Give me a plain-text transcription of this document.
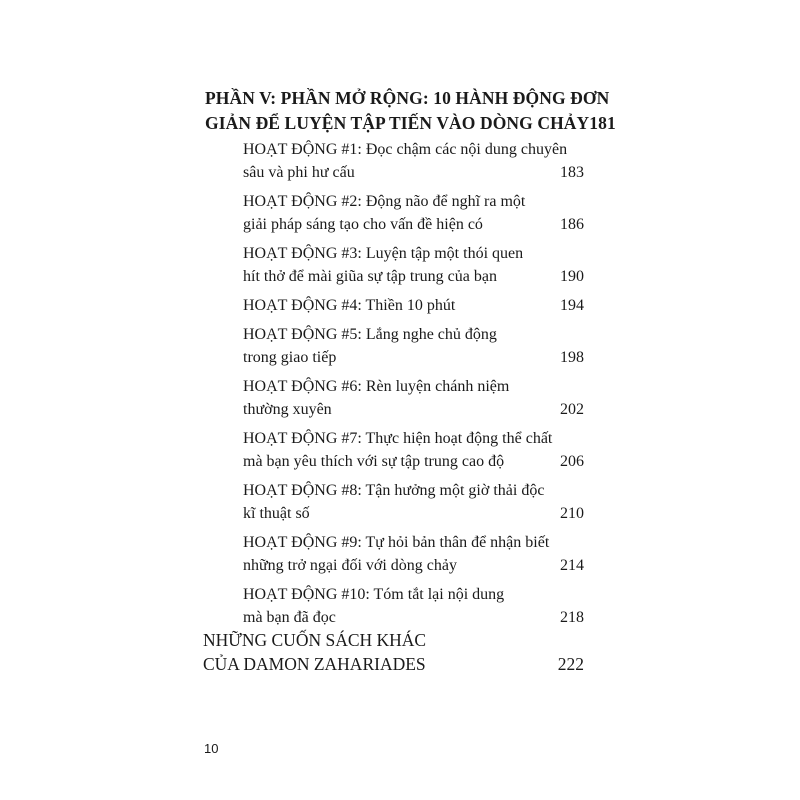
PHẦN V: PHẦN MỞ RỘNG: 10 HÀNH ĐỘNG ĐƠN
GIẢN ĐỂ LUYỆN TẬP TIẾN VÀO DÒNG CHẢY 181
HOẠT ĐỘNG #1: Đọc chậm các nội dung chuyên
sâu và phi hư cấu	183
HOẠT ĐỘNG #2: Động não để nghĩ ra một
giải pháp sáng tạo cho vấn đề hiện có	186
HOẠT ĐỘNG #3: Luyện tập một thói quen
hít thở để mài giũa sự tập trung của bạn	190
HOẠT ĐỘNG #4: Thiền 10 phút	194
HOẠT ĐỘNG #5: Lắng nghe chủ động
trong giao tiếp	198
HOẠT ĐỘNG #6: Rèn luyện chánh niệm
thường xuyên	202
HOẠT ĐỘNG #7: Thực hiện hoạt động thể chất
mà bạn yêu thích với sự tập trung cao độ	206
HOẠT ĐỘNG #8: Tận hưởng một giờ thải độc
kĩ thuật số	210
HOẠT ĐỘNG #9: Tự hỏi bản thân để nhận biết
những trở ngại đối với dòng chảy	214
HOẠT ĐỘNG #10: Tóm tắt lại nội dung
mà bạn đã đọc	218
NHỮNG CUỐN SÁCH KHÁC
CỦA DAMON ZAHARIADES	222
10
